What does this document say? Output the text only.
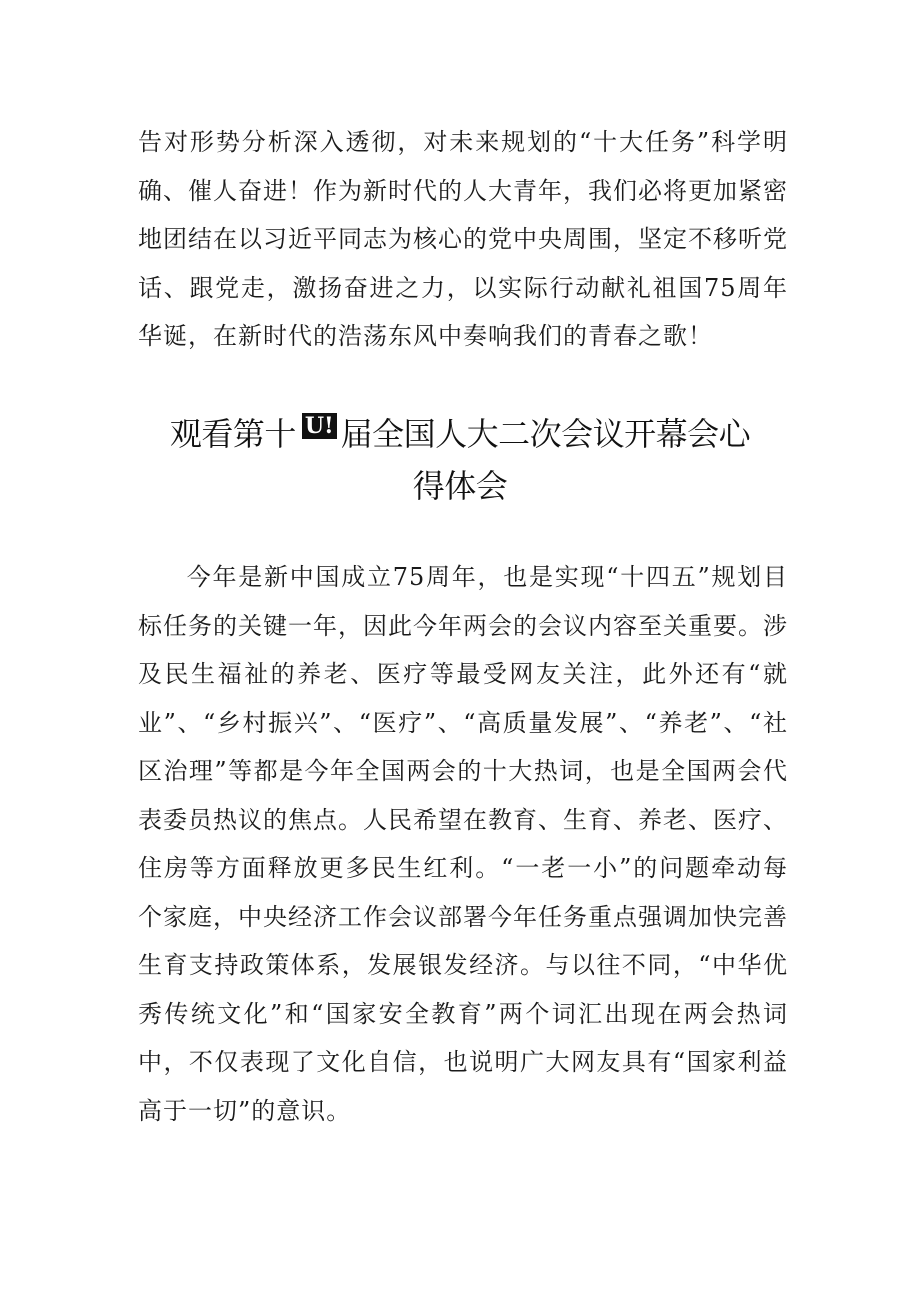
告对形势分析深入透彻，对未来规划的“十大任务”科学明确、催人奋进！作为新时代的人大青年，我们必将更加紧密地团结在以习近平同志为核心的党中央周围，坚定不移听党话、跟党走，激扬奋进之力，以实际行动献礼祖国75周年华诞，在新时代的浩荡东风中奏响我们的青春之歌！

观看第十 U! 届全国人大二次会议开幕会心
得体会

今年是新中国成立75周年，也是实现“十四五”规划目标任务的关键一年，因此今年两会的会议内容至关重要。涉及民生福祉的养老、医疗等最受网友关注，此外还有“就业”、“乡村振兴”、“医疗”、“高质量发展”、“养老”、“社区治理”等都是今年全国两会的十大热词，也是全国两会代表委员热议的焦点。人民希望在教育、生育、养老、医疗、住房等方面释放更多民生红利。“一老一小”的问题牵动每个家庭，中央经济工作会议部署今年任务重点强调加快完善生育支持政策体系，发展银发经济。与以往不同，“中华优秀传统文化”和“国家安全教育”两个词汇出现在两会热词中，不仅表现了文化自信，也说明广大网友具有“国家利益高于一切”的意识。
